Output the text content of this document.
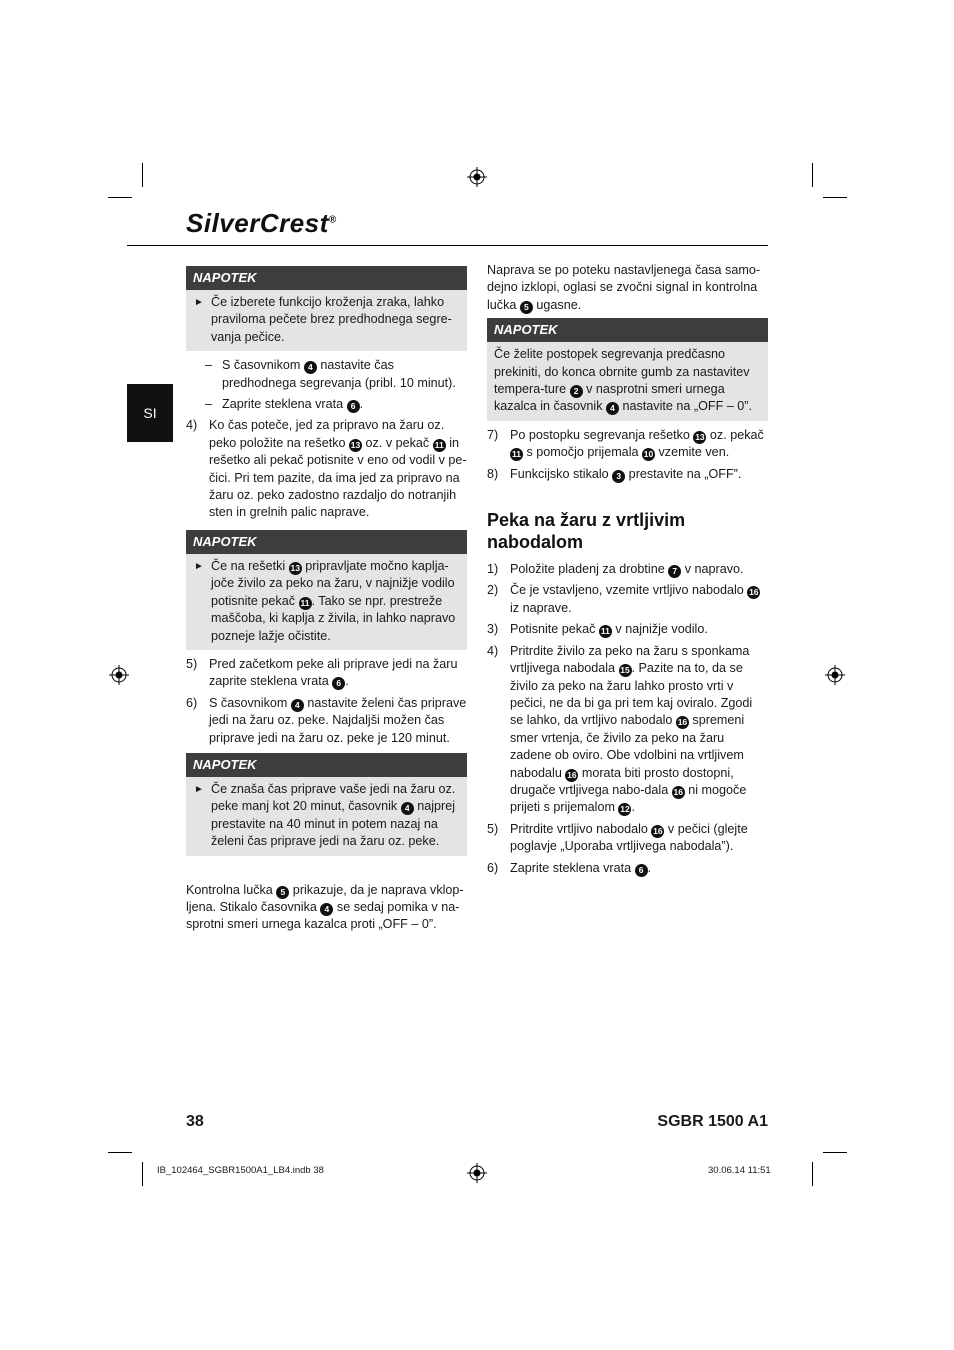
SilverCrest®
SI
NAPOTEK
► Če izberete funkcijo kroženja zraka, lahko praviloma pečete brez predhodnega segre-vanja pečice.

– S časovnikom 4 nastavite čas predhodnega segrevanja (pribl. 10 minut).

– Zaprite steklena vrata 6 .

4) Ko čas poteče, jed za pripravo na žaru oz. peko položite na rešetko 13 oz. v pekač 11 in rešetko ali pekač potisnite v eno od vodil v pe-čici. Pri tem pazite, da ima jed za pripravo na žaru oz. peko zadostno razdaljo do notranjih sten in grelnih palic naprave.

NAPOTEK
► Če na rešetki 13 pripravljate močno kaplja-joče živilo za peko na žaru, v najnižje vodilo potisnite pekač 11 . Tako se npr. prestreže maščoba, ki kaplja z živila, in lahko napravo pozneje lažje očistite.

5) Pred začetkom peke ali priprave jedi na žaru zaprite steklena vrata 6 .

6) S časovnikom 4 nastavite želeni čas priprave jedi na žaru oz. peke. Najdaljši možen čas priprave jedi na žaru oz. peke je 120 minut.

NAPOTEK
► Če znaša čas priprave vaše jedi na žaru oz. peke manj kot 20 minut, časovnik 4 najprej prestavite na 40 minut in potem nazaj na želeni čas priprave jedi na žaru oz. peke.

Kontrolna lučka 5 prikazuje, da je naprava vklop-ljena. Stikalo časovnika 4 se sedaj pomika v na-sprotni smeri urnega kazalca proti „OFF – 0”.

Naprava se po poteku nastavljenega časa samo-dejno izklopi, oglasi se zvočni signal in kontrolna lučka 5 ugasne.

NAPOTEK

Če želite postopek segrevanja predčasno prekiniti, do konca obrnite gumb za nastavitev tempera-ture 2 v nasprotni smeri urnega kazalca in časovnik 4 nastavite na „OFF – 0”.

7) Po postopku segrevanja rešetko 13 oz. pekač 11 s pomočjo prijemala 10 vzemite ven.

8) Funkcijsko stikalo 3 prestavite na „OFF”.

Peka na žaru z vrtljivim nabodalom
1) Položite pladenj za drobtine 7 v napravo.

2) Če je vstavljeno, vzemite vrtljivo nabodalo 16 iz naprave.

3) Potisnite pekač 11 v najnižje vodilo.

4) Pritrdite živilo za peko na žaru s sponkama vrtljivega nabodala 15 . Pazite na to, da se živilo za peko na žaru lahko prosto vrti v pečici, ne da bi ga pri tem kaj oviralo. Zgodi se lahko, da vrtljivo nabodalo 16 spremeni smer vrtenja, če živilo za peko na žaru zadene ob oviro. Obe vdolbini na vrtljivem nabodalu 16 morata biti prosto dostopni, drugače vrtljivega nabo-dala 16 ni mogoče prijeti s prijemalom 12 .

5) Pritrdite vrtljivo nabodalo 16 v pečici (glejte poglavje „Uporaba vrtljivega nabodala”).

6) Zaprite steklena vrata 6 .

38	SGBR 1500 A1
IB_102464_SGBR1500A1_LB4.indb 38	30.06.14 11:51
